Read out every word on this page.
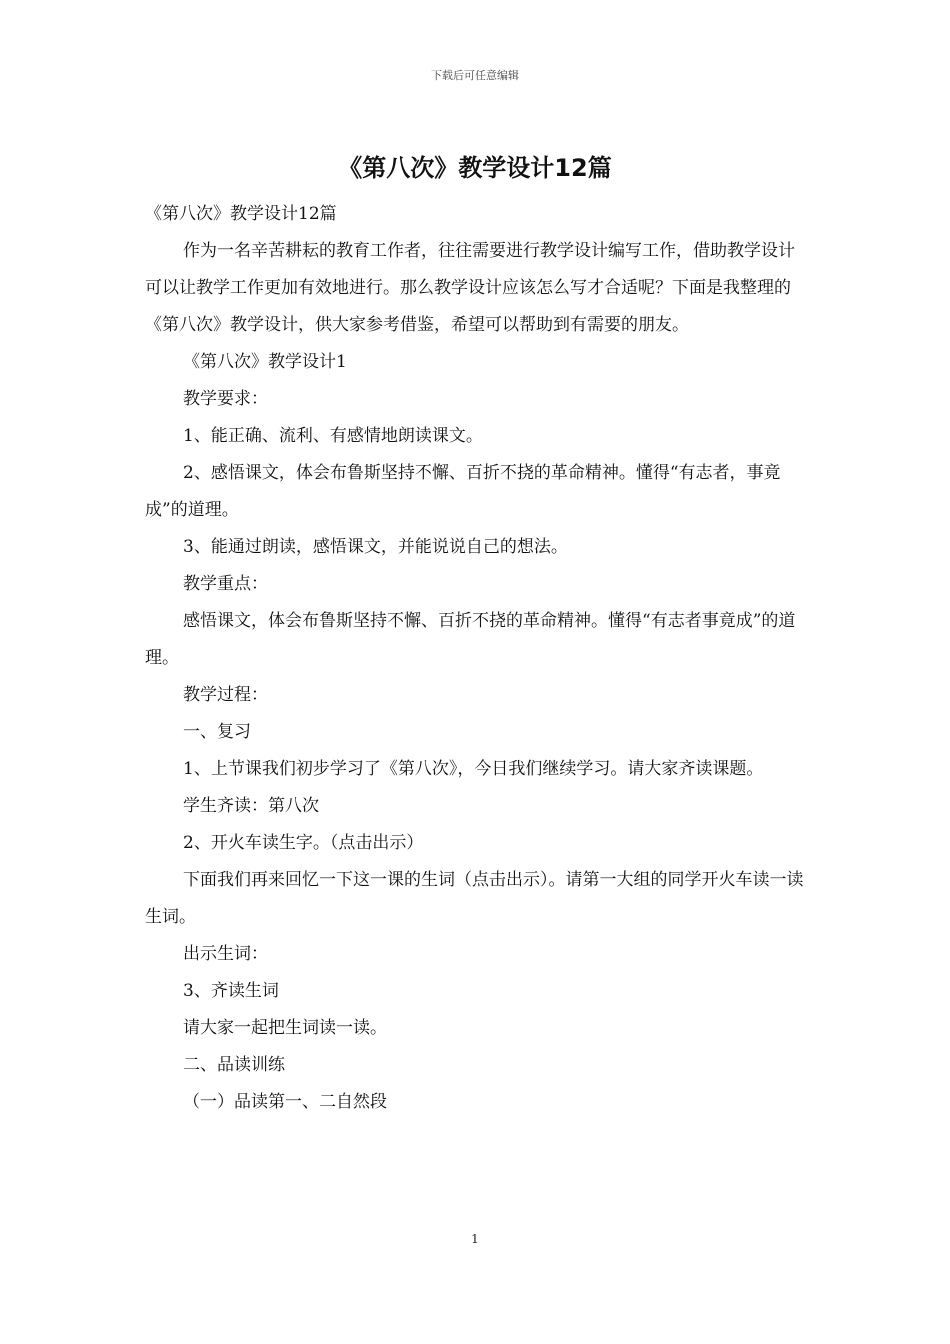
下载后可任意编辑
《第八次》教学设计12篇

《第八次》教学设计12篇

作为一名辛苦耕耘的教育工作者，往往需要进行教学设计编写工作，借助教学设计可以让教学工作更加有效地进行。那么教学设计应该怎么写才合适呢？下面是我整理的《第八次》教学设计，供大家参考借鉴，希望可以帮助到有需要的朋友。

《第八次》教学设计1

教学要求：

1、能正确、流利、有感情地朗读课文。

2、感悟课文，体会布鲁斯坚持不懈、百折不挠的革命精神。懂得“有志者，事竟成”的道理。

3、能通过朗读，感悟课文，并能说说自己的想法。

教学重点：

感悟课文，体会布鲁斯坚持不懈、百折不挠的革命精神。懂得“有志者事竟成”的道理。

教学过程：

一、复习

1、上节课我们初步学习了《第八次》，今日我们继续学习。请大家齐读课题。

学生齐读：第八次

2、开火车读生字。（点击出示）

下面我们再来回忆一下这一课的生词（点击出示）。请第一大组的同学开火车读一读生词。

出示生词：

3、齐读生词

请大家一起把生词读一读。

二、品读训练

（一）品读第一、二自然段

1
